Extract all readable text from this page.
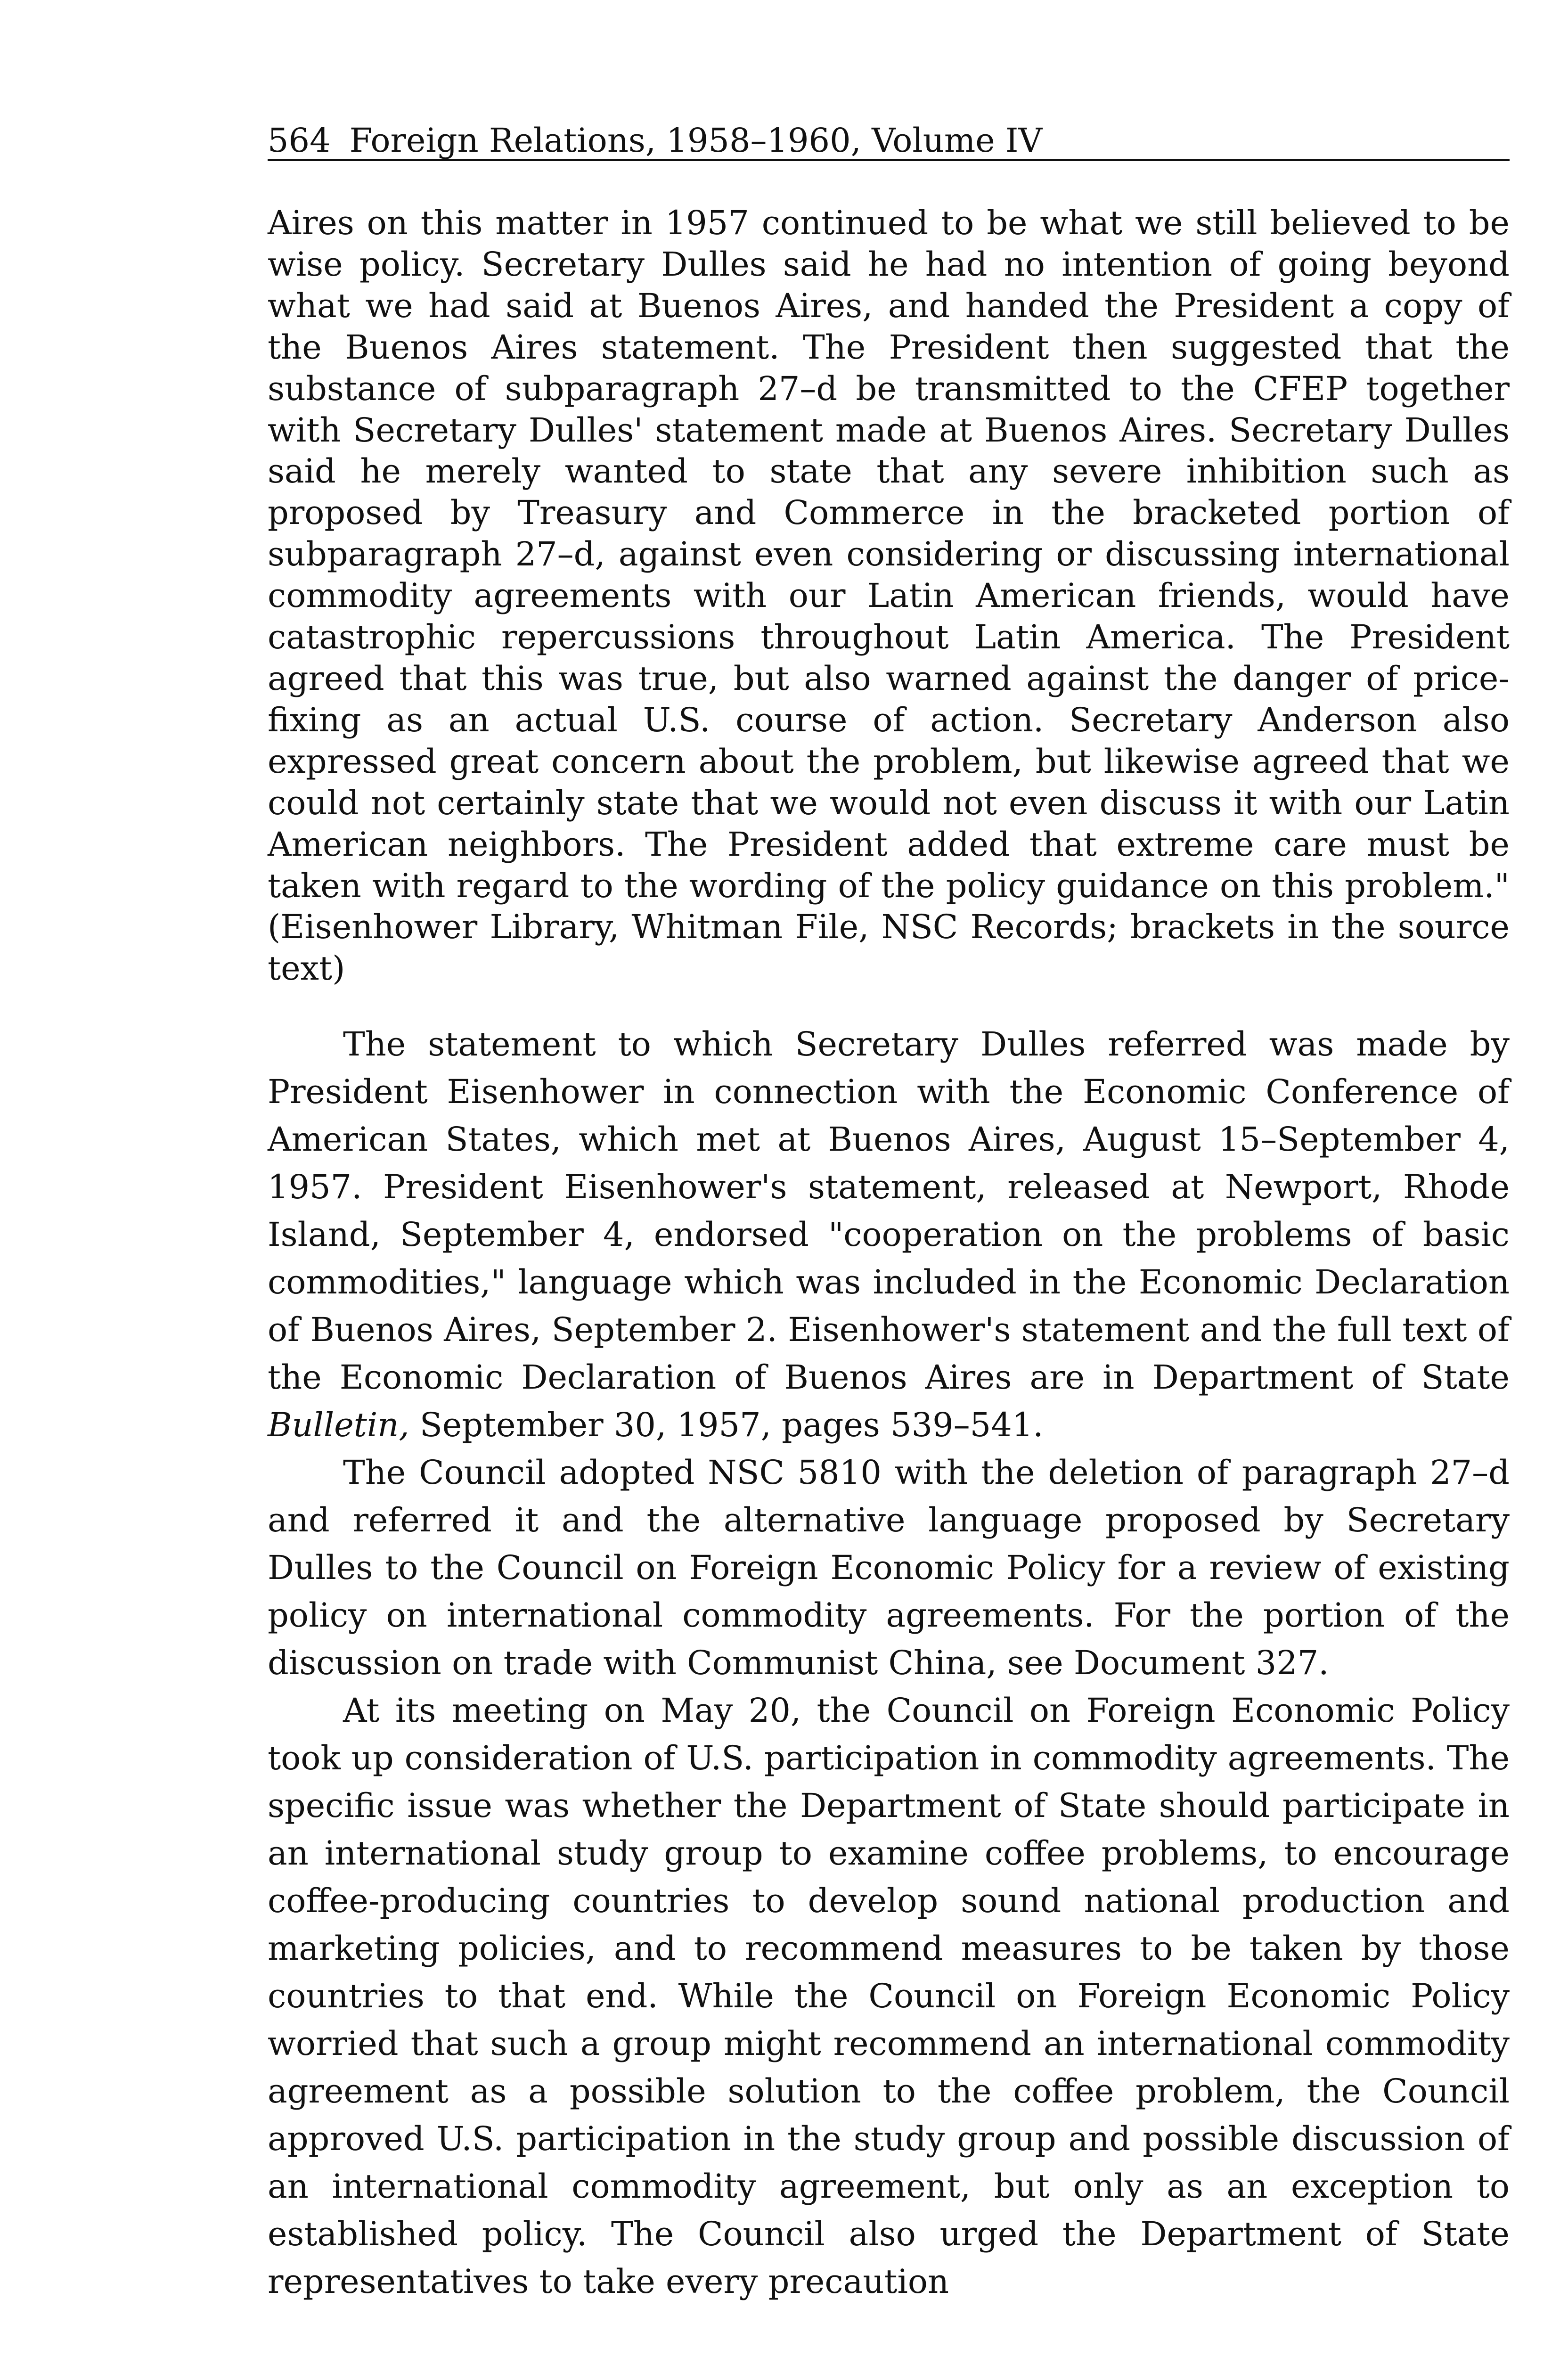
564 Foreign Relations, 1958–1960, Volume IV

Aires on this matter in 1957 continued to be what we still believed to be wise policy. Secretary Dulles said he had no intention of going beyond what we had said at Buenos Aires, and handed the President a copy of the Buenos Aires statement. The President then suggested that the substance of subparagraph 27–d be transmitted to the CFEP together with Secretary Dulles' statement made at Buenos Aires. Secretary Dulles said he merely wanted to state that any severe inhibition such as proposed by Treasury and Commerce in the bracketed portion of subparagraph 27–d, against even considering or discussing international commodity agreements with our Latin American friends, would have catastrophic repercussions throughout Latin America. The President agreed that this was true, but also warned against the danger of price-fixing as an actual U.S. course of action. Secretary Anderson also expressed great concern about the problem, but likewise agreed that we could not certainly state that we would not even discuss it with our Latin American neighbors. The President added that extreme care must be taken with regard to the wording of the policy guidance on this problem." (Eisenhower Library, Whitman File, NSC Records; brackets in the source text)

The statement to which Secretary Dulles referred was made by President Eisenhower in connection with the Economic Conference of American States, which met at Buenos Aires, August 15–September 4, 1957. President Eisenhower's statement, released at Newport, Rhode Island, September 4, endorsed "cooperation on the problems of basic commodities," language which was included in the Economic Declaration of Buenos Aires, September 2. Eisenhower's statement and the full text of the Economic Declaration of Buenos Aires are in Department of State Bulletin, September 30, 1957, pages 539–541.

The Council adopted NSC 5810 with the deletion of paragraph 27–d and referred it and the alternative language proposed by Secretary Dulles to the Council on Foreign Economic Policy for a review of existing policy on international commodity agreements. For the portion of the discussion on trade with Communist China, see Document 327.

At its meeting on May 20, the Council on Foreign Economic Policy took up consideration of U.S. participation in commodity agreements. The specific issue was whether the Department of State should participate in an international study group to examine coffee problems, to encourage coffee-producing countries to develop sound national production and marketing policies, and to recommend measures to be taken by those countries to that end. While the Council on Foreign Economic Policy worried that such a group might recommend an international commodity agreement as a possible solution to the coffee problem, the Council approved U.S. participation in the study group and possible discussion of an international commodity agreement, but only as an exception to established policy. The Council also urged the Department of State representatives to take every precaution
